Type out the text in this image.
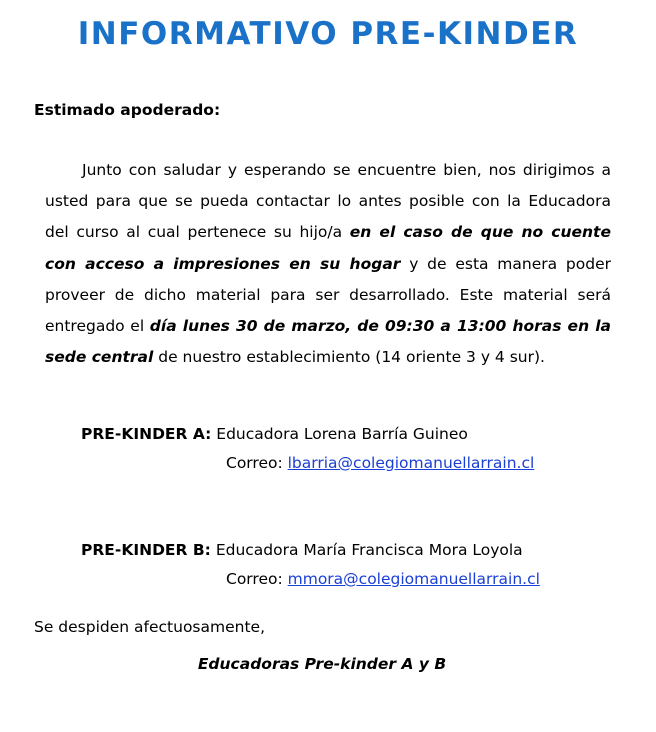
INFORMATIVO PRE-KINDER

Estimado apoderado:

Junto con saludar y esperando se encuentre bien, nos dirigimos a usted para que se pueda contactar lo antes posible con la Educadora del curso al cual pertenece su hijo/a en el caso de que no cuente con acceso a impresiones en su hogar y de esta manera poder proveer de dicho material para ser desarrollado. Este material será entregado el día lunes 30 de marzo, de 09:30 a 13:00 horas en la sede central de nuestro establecimiento (14 oriente 3 y 4 sur).

PRE-KINDER A: Educadora Lorena Barría Guineo
Correo: lbarria@colegiomanuellarrain.cl
PRE-KINDER B: Educadora María Francisca Mora Loyola
Correo: mmora@colegiomanuellarrain.cl

Se despiden afectuosamente,

Educadoras Pre-kinder A y B
